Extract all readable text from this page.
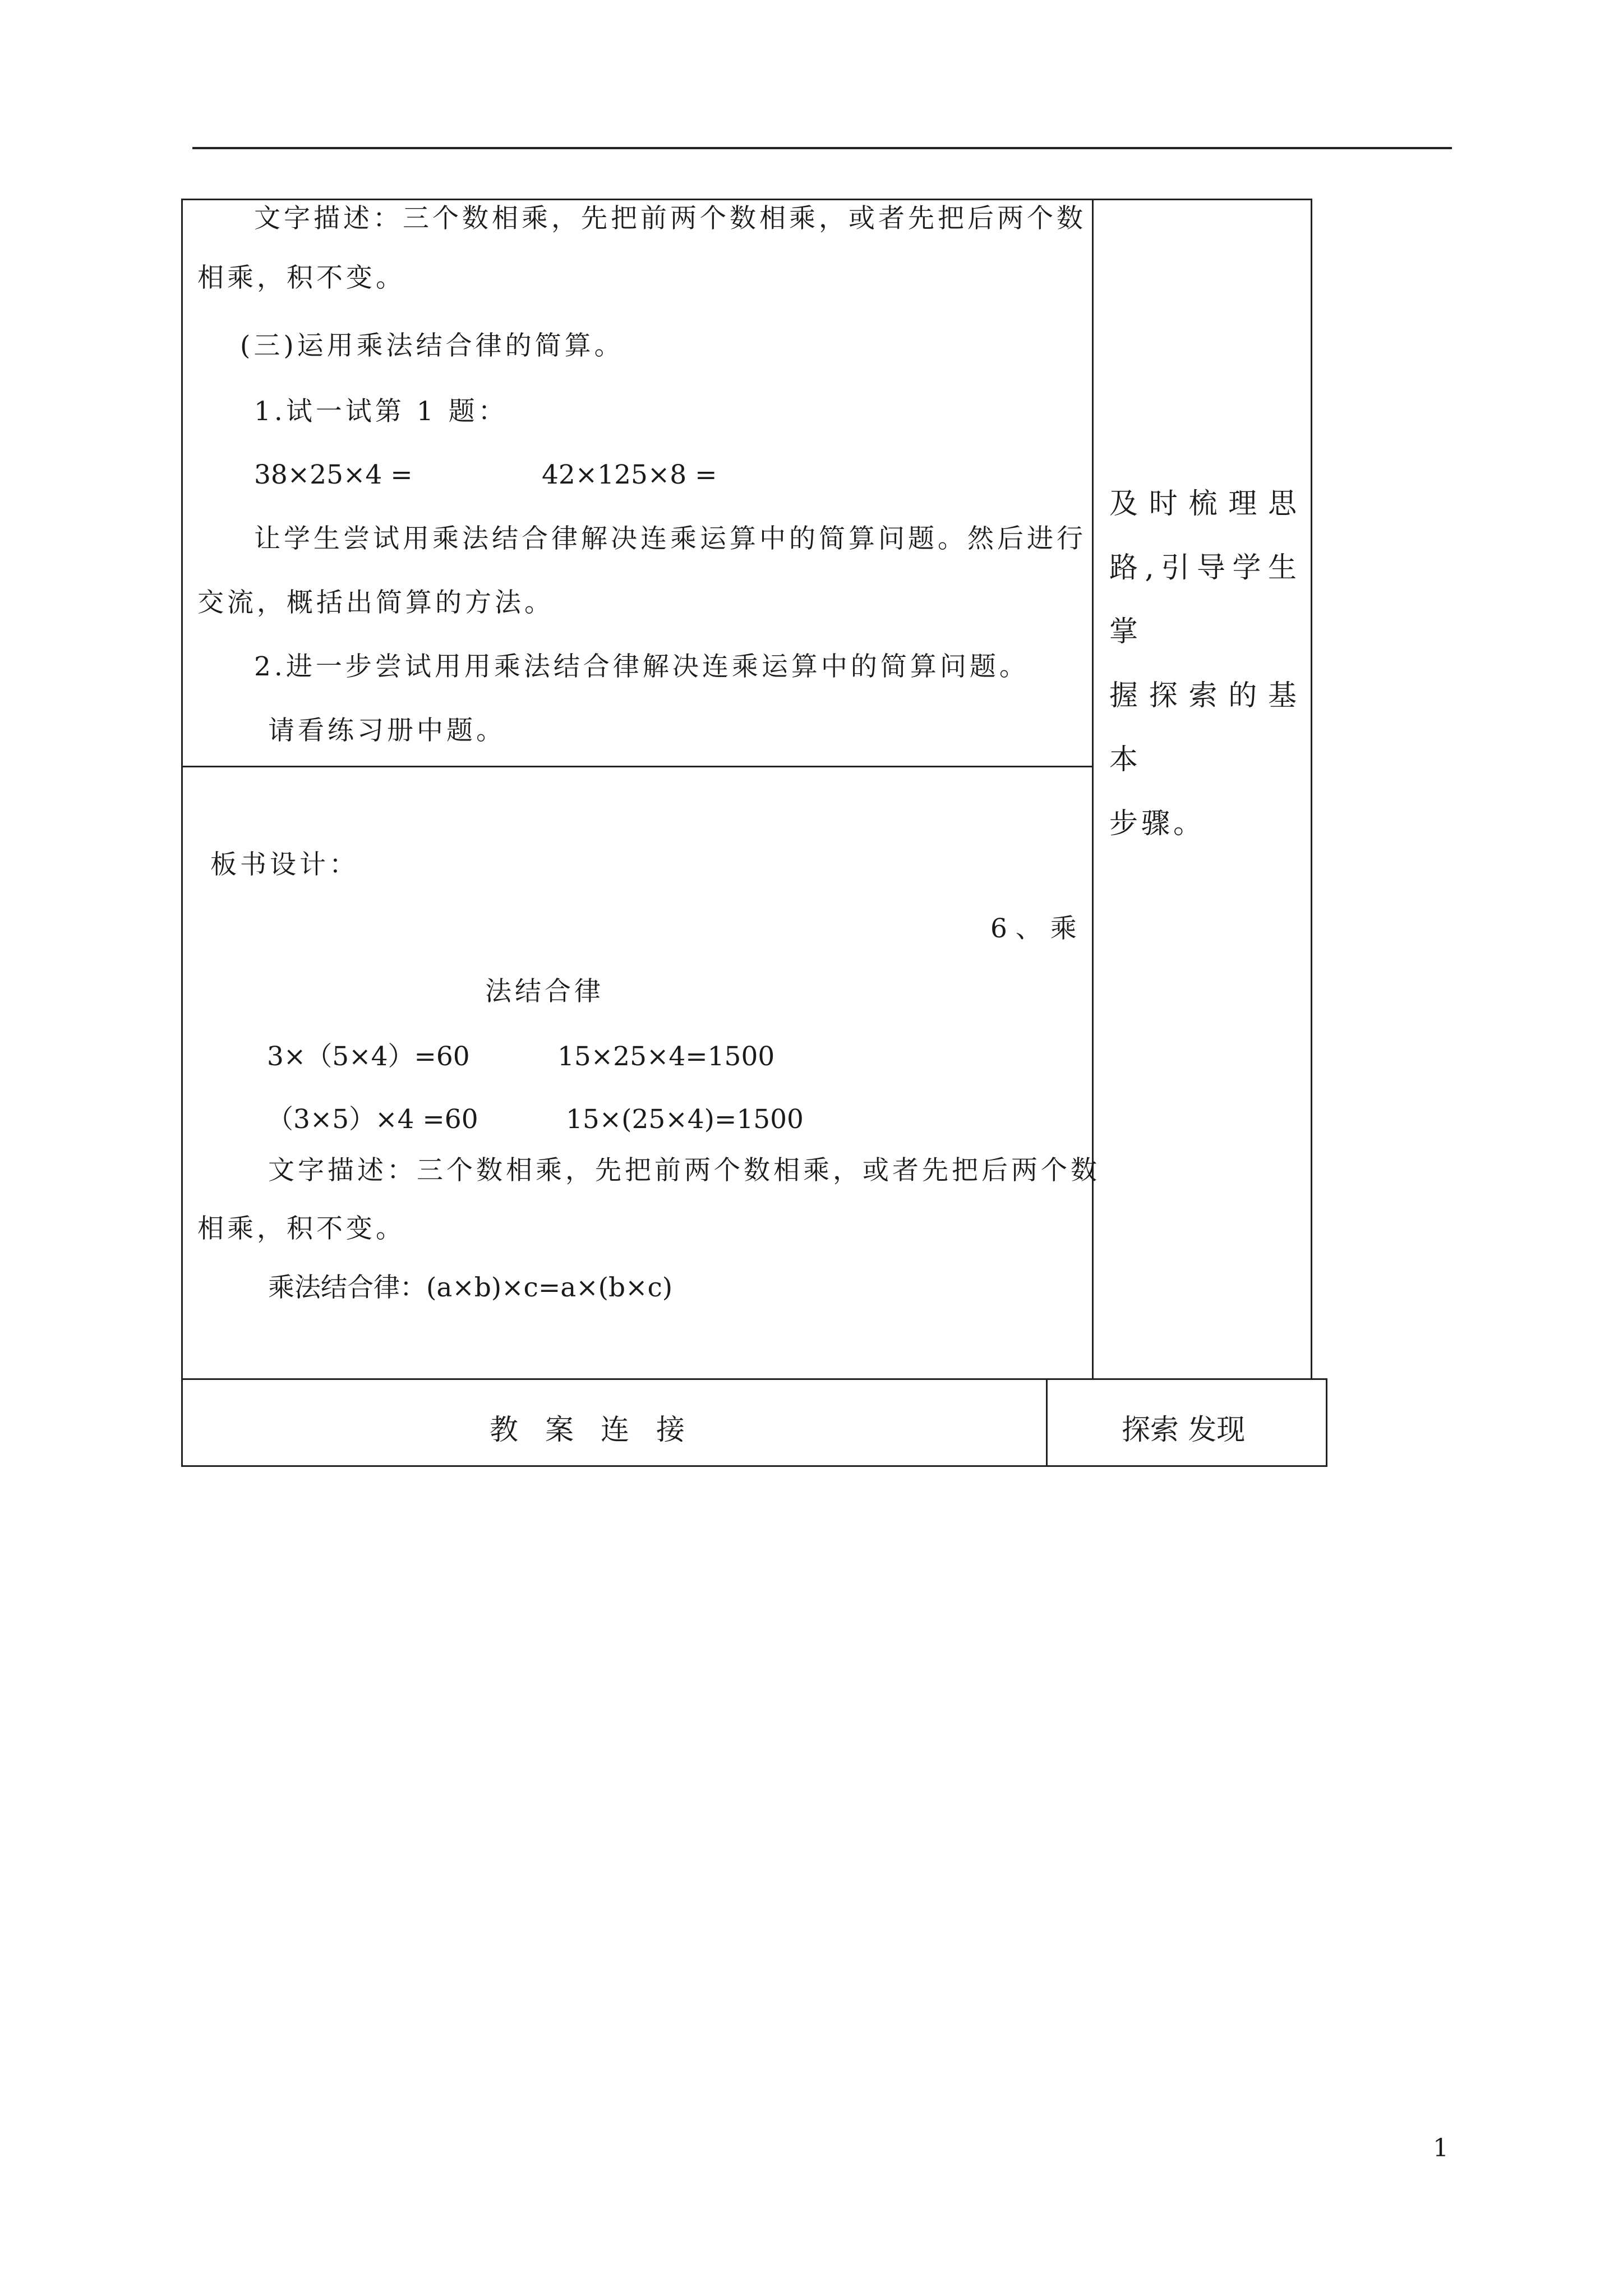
文字描述：三个数相乘，先把前两个数相乘，或者先把后两个数
相乘，积不变。
(三)运用乘法结合律的简算。
1.试一试第 1 题：
38×25×4 =	42×125×8 =
让学生尝试用乘法结合律解决连乘运算中的简算问题。然后进行
交流，概括出简算的方法。
2.进一步尝试用用乘法结合律解决连乘运算中的简算问题。
请看练习册中题。
及时梳理思
路,引导学生掌
握探索的基本
步骤。
板书设计：
6 、 乘
法结合律
3×（5×4）=60	15×25×4=1500
（3×5）×4 =60	15×(25×4)=1500
文字描述：三个数相乘，先把前两个数相乘，或者先把后两个数
相乘，积不变。
乘法结合律：(a×b)×c=a×(b×c)
教案连接	探索 发现
1
